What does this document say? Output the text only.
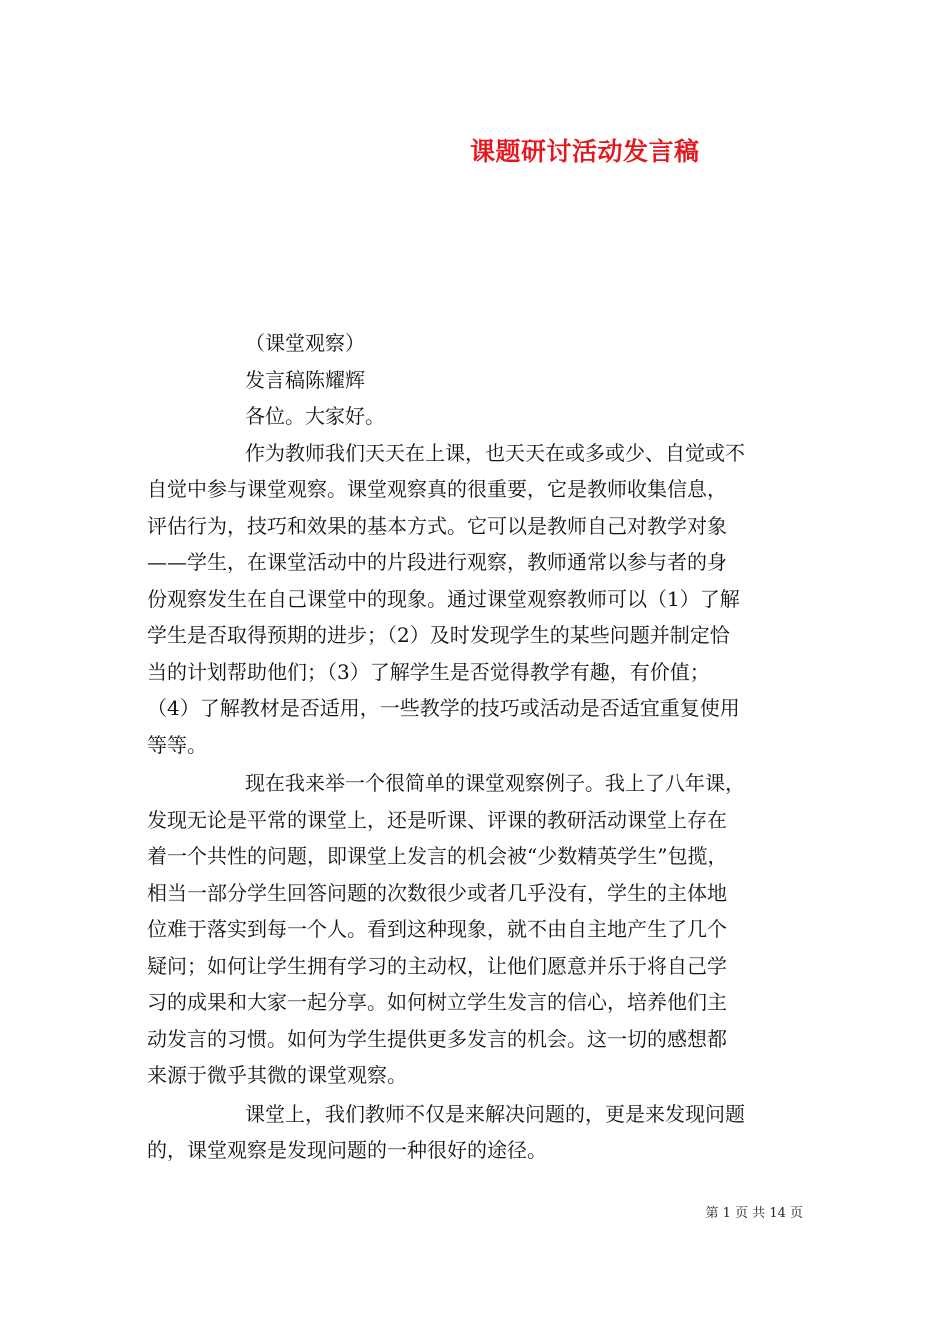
课题研讨活动发言稿

（课堂观察）

发言稿陈耀辉

各位。大家好。

作为教师我们天天在上课，也天天在或多或少、自觉或不

自觉中参与课堂观察。课堂观察真的很重要，它是教师收集信息，

评估行为，技巧和效果的基本方式。它可以是教师自己对教学对象

——学生，在课堂活动中的片段进行观察，教师通常以参与者的身

份观察发生在自己课堂中的现象。通过课堂观察教师可以（1）了解

学生是否取得预期的进步；（2）及时发现学生的某些问题并制定恰

当的计划帮助他们；（3）了解学生是否觉得教学有趣，有价值；

（4）了解教材是否适用，一些教学的技巧或活动是否适宜重复使用

等等。

现在我来举一个很简单的课堂观察例子。我上了八年课，

发现无论是平常的课堂上，还是听课、评课的教研活动课堂上存在

着一个共性的问题，即课堂上发言的机会被“少数精英学生”包揽，

相当一部分学生回答问题的次数很少或者几乎没有，学生的主体地

位难于落实到每一个人。看到这种现象，就不由自主地产生了几个

疑问；如何让学生拥有学习的主动权，让他们愿意并乐于将自己学

习的成果和大家一起分享。如何树立学生发言的信心，培养他们主

动发言的习惯。如何为学生提供更多发言的机会。这一切的感想都

来源于微乎其微的课堂观察。

课堂上，我们教师不仅是来解决问题的，更是来发现问题

的，课堂观察是发现问题的一种很好的途径。

第 1 页 共 14 页
